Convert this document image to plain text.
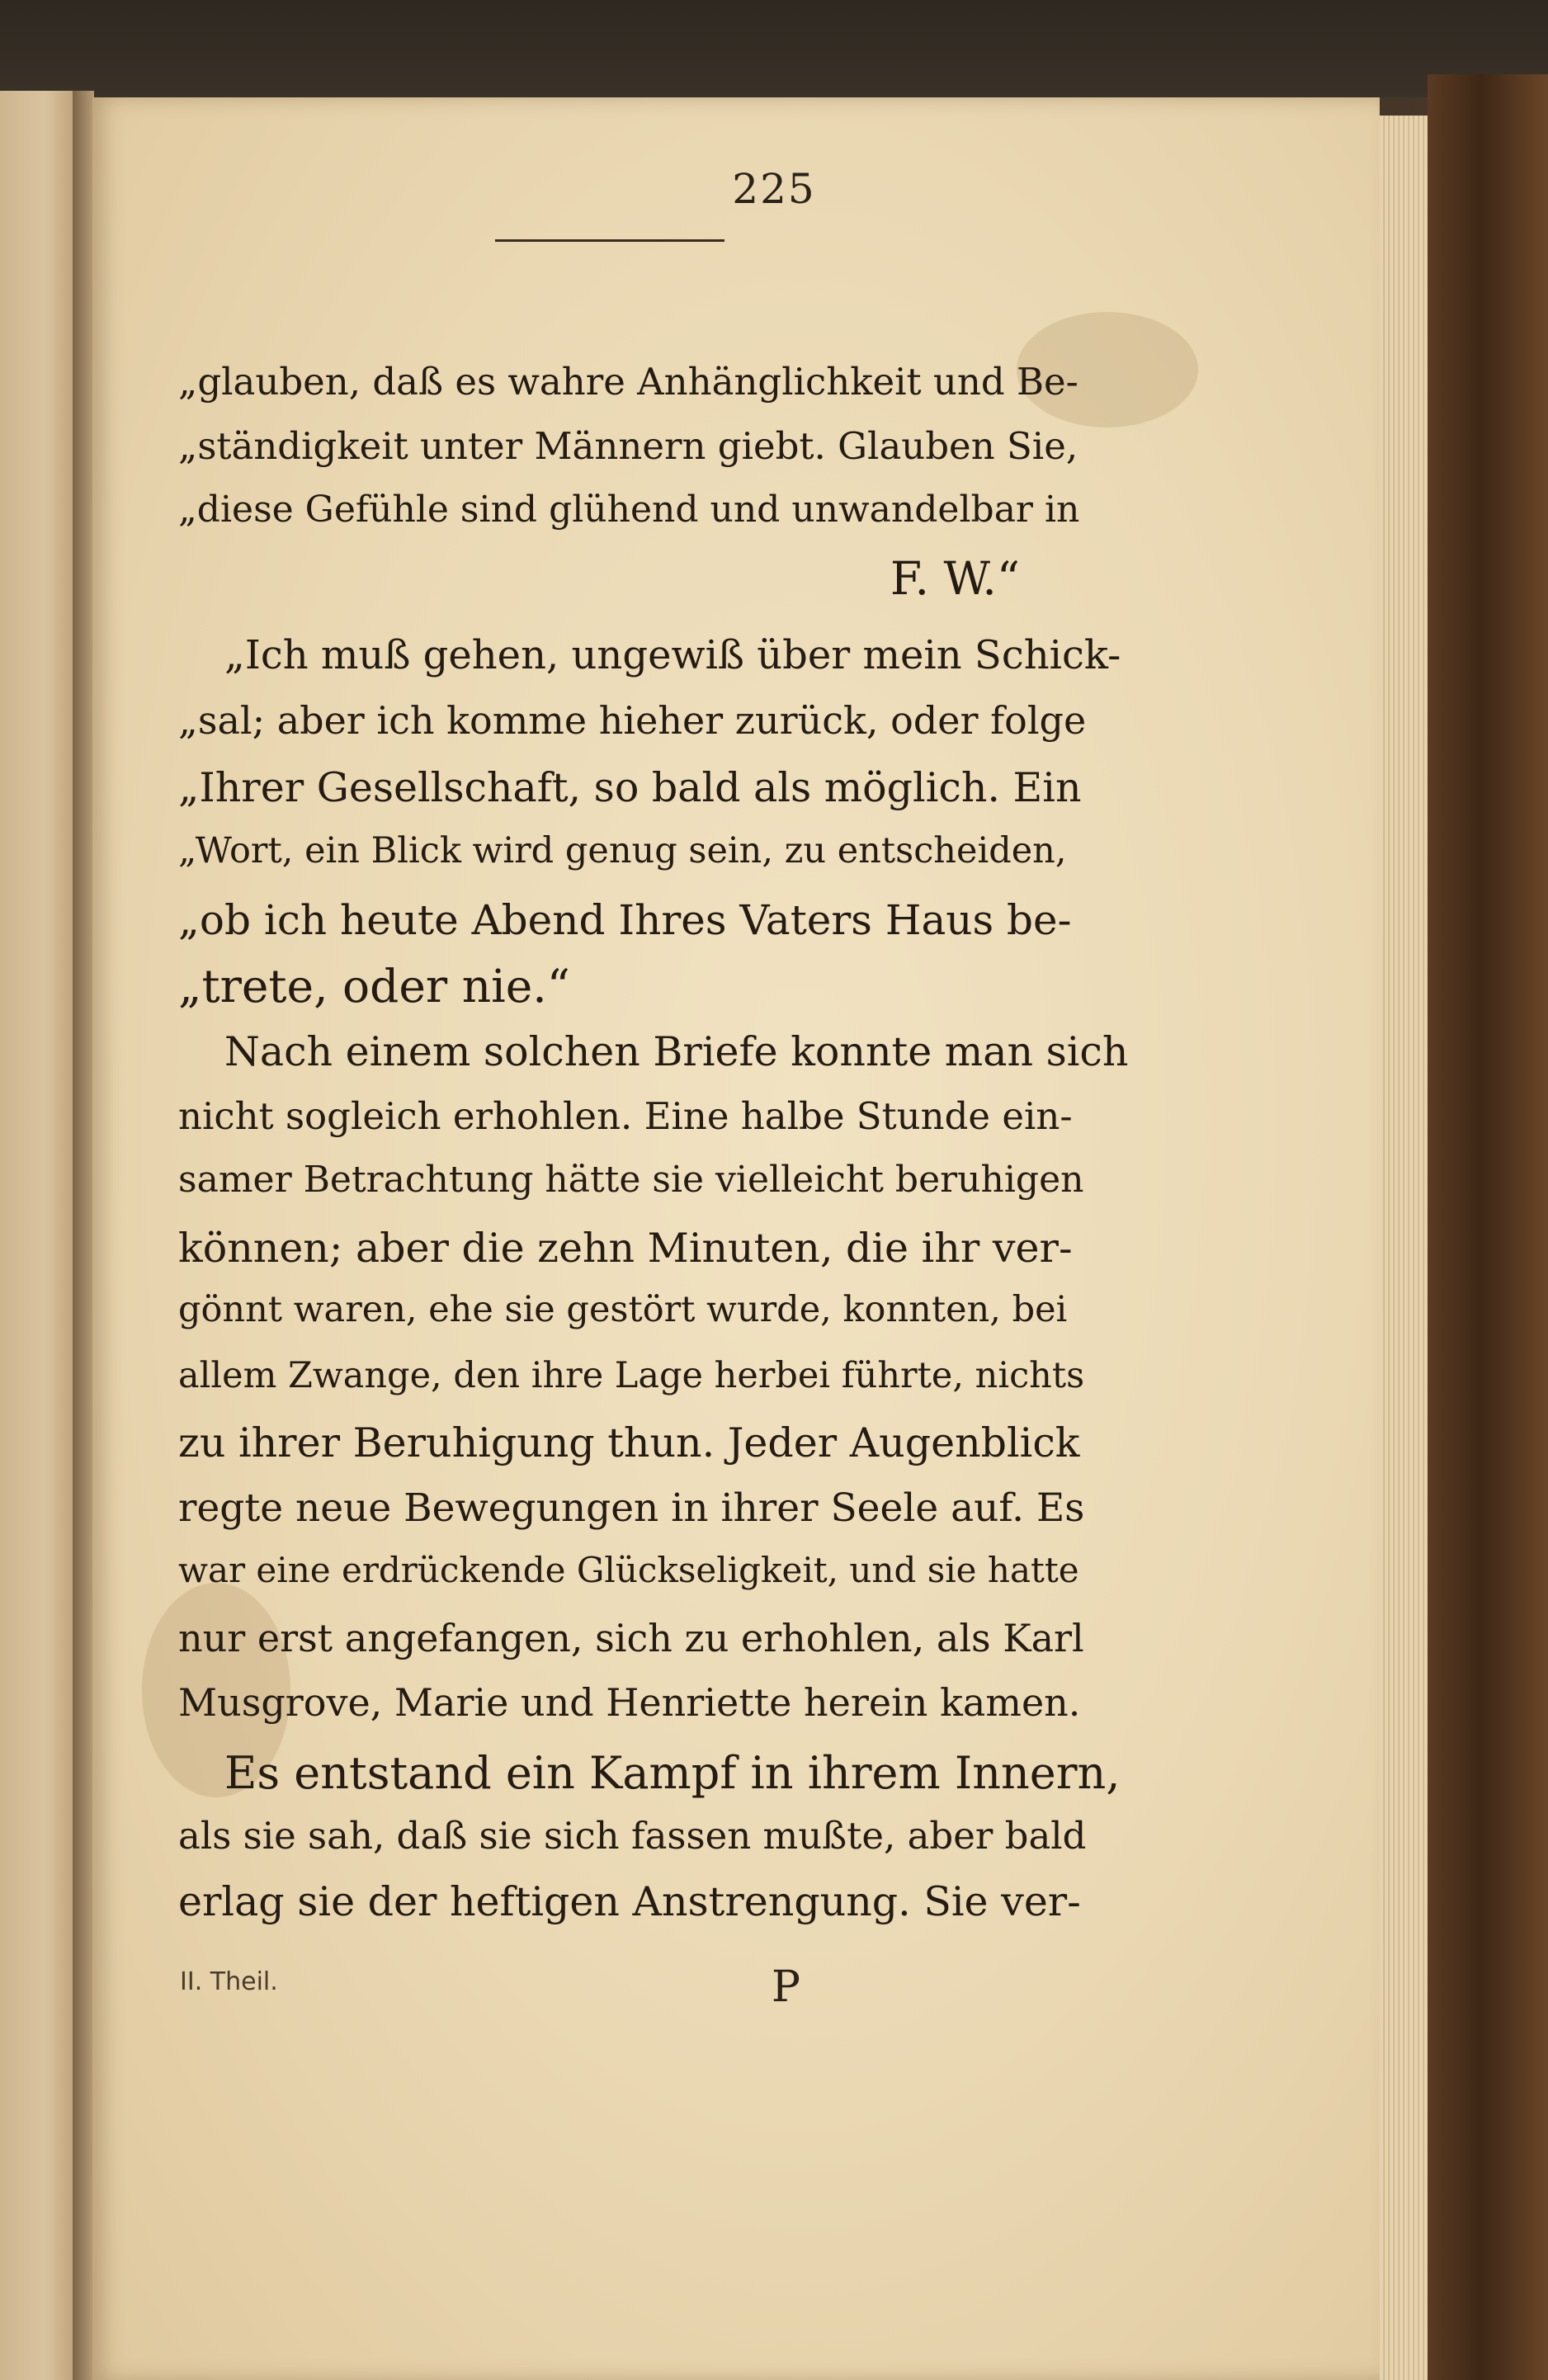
225
„glauben, daß es wahre Anhänglichkeit und Be-
„ständigkeit unter Männern giebt. Glauben Sie,
„diese Gefühle sind glühend und unwandelbar in
F. W.“
„Ich muß gehen, ungewiß über mein Schick-
„sal; aber ich komme hieher zurück, oder folge
„Ihrer Gesellschaft, so bald als möglich. Ein
„Wort, ein Blick wird genug sein, zu entscheiden,
„ob ich heute Abend Ihres Vaters Haus be-
„trete, oder nie.“
Nach einem solchen Briefe konnte man sich
nicht sogleich erhohlen. Eine halbe Stunde ein-
samer Betrachtung hätte sie vielleicht beruhigen
können; aber die zehn Minuten, die ihr ver-
gönnt waren, ehe sie gestört wurde, konnten, bei
allem Zwange, den ihre Lage herbei führte, nichts
zu ihrer Beruhigung thun. Jeder Augenblick
regte neue Bewegungen in ihrer Seele auf. Es
war eine erdrückende Glückseligkeit, und sie hatte
nur erst angefangen, sich zu erhohlen, als Karl
Musgrove, Marie und Henriette herein kamen.
Es entstand ein Kampf in ihrem Innern,
als sie sah, daß sie sich fassen mußte, aber bald
erlag sie der heftigen Anstrengung. Sie ver-
II. Theil.	P
